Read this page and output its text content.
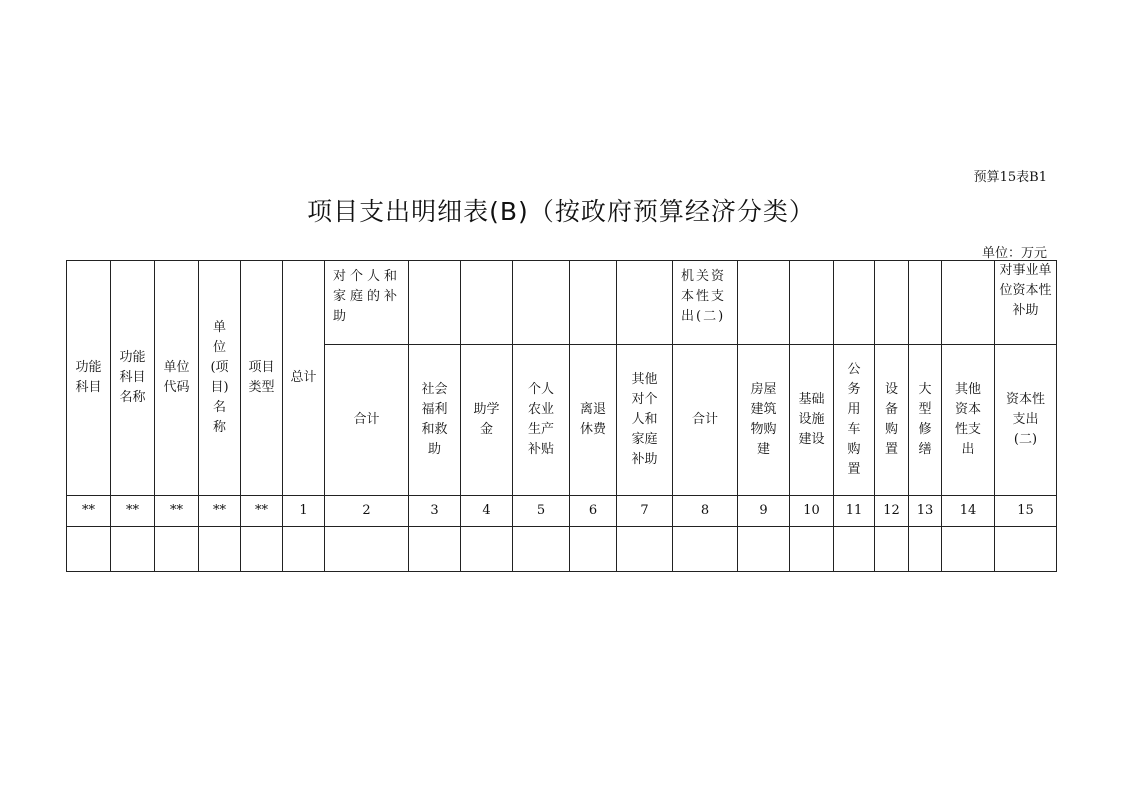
预算15表B1
项目支出明细表(B)（按政府预算经济分类）
单位：万元
功能科目	功能科目名称	单位代码	单位(项目)名称	项目类型	总计	对个人和家庭的补助						机关资本性支出(二)							对事业单位资本性补助
						合计	社会福利和救助	助学金	个人农业生产补贴	离退休费	其他对个人和家庭补助	合计	房屋建筑物购建	基础设施建设	公务用车购置	设备购置	大型修缮	其他资本性支出	资本性支出(二)
**	**	**	**	**	1	2	3	4	5	6	7	8	9	10	11	12	13	14	15
